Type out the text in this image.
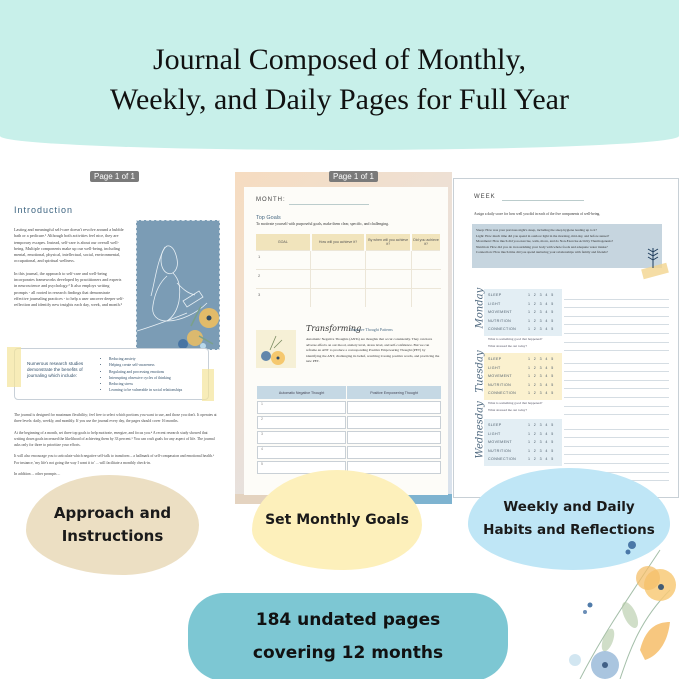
Journal Composed of Monthly,
Weekly, and Daily Pages for Full Year
Introduction

Lasting and meaningful self-care doesn't revolve around a bubble bath or a pedicure.¹ Although both activities feel nice, they are temporary escapes. Instead, self-care is about our overall well-being. Multiple components make up our well-being, including mental, emotional, physical, intellectual, social, environmental, occupational, and spiritual wellness.

In this journal, the approach to self-care and well-being incorporates frameworks developed by practitioners and experts in neuroscience and psychology.² It also employs writing prompts - all rooted in research findings that demonstrate effective journaling practices - to help a user uncover deeper self-reflection and identify new insights each day, week, and month.³

Numerous research studies demonstrate the benefits of journaling which include:
• Reducing anxiety
• Helping create self-awareness
• Regulating and processing emotions
• Interrupting obsessive cycles of thinking
• Reducing stress
• Learning to be vulnerable in social relationships

The journal is designed for maximum flexibility; feel free to select which portions you want to use, and those you don't. It operates at three levels: daily, weekly, and monthly. If you use the journal every day, the pages should cover 16 months.

At the beginning of a month, set three top goals to help motivate, energize, and focus you.⁴ A recent research study showed that writing down goals increased the likelihood of achieving them by 33 percent.⁵ You can craft goals for any aspect of life. The journal asks only for three to prioritize your efforts.

It will also encourage you to articulate which negative self-talk to transform – a hallmark of self-compassion and emotional health.⁶ For instance, 'my life's not going the way I want it to' ... will facilitate a monthly check-in.

In addition ... other prompts ...

Page 1 of 1	Page 1 of 1
MONTH:
Top Goals
To motivate yourself with purposeful goals, make them clear, specific, and challenging.
GOAL	How will you achieve it?	By when will you achieve it?	Did you achieve it?
1			
2			
3			
Transforming
Negative Thought Patterns
Automatic Negative Thoughts (ANTs) are thoughts that occur consistently. They can have adverse effects on our mood, anxiety level, stress level, and self-confidence. But we can reframe an ANT to produce a corresponding Positive Empowering Thought (PET) by identifying the ANT, challenging its belief, rewriting it using positive words, and practicing the new PET.
Automatic Negative Thought	Positive Empowering Thought
1	
2	
3	
4	
5	
WEEK
Assign a daily score for how well you did in each of the five components of well-being.

Sleep: How was your previous night's sleep, including the sleep hygiene leading up to it?

Light: How much time did you spend in outdoor light in the morning, mid-day, and before sunset?

Movement: How much did you exercise, walk, move, and do Non-Exercise Activity Thermogenesis?

Nutrition: How did you do in nourishing your body with whole foods and adequate water intake?

Connection: How much time did you spend nurturing your relationships with family and friends?

Monday SLEEP	1 2 3 4 5
LIGHT	1 2 3 4 5
MOVEMENT	1 2 3 4 5
NUTRITION	1 2 3 4 5
CONNECTION	1 2 3 4 5
What is something good that happened?
What stressed me out today?
Tuesday SLEEP	1 2 3 4 5
LIGHT	1 2 3 4 5
MOVEMENT	1 2 3 4 5
NUTRITION	1 2 3 4 5
CONNECTION	1 2 3 4 5
What is something good that happened?
What stressed me out today?
Wednesday SLEEP	1 2 3 4 5
LIGHT	1 2 3 4 5
MOVEMENT	1 2 3 4 5
NUTRITION	1 2 3 4 5
CONNECTION	1 2 3 4 5
Approach and
Instructions
Set Monthly Goals
Weekly and Daily
Habits and Reflections
184 undated pages
covering 12 months
